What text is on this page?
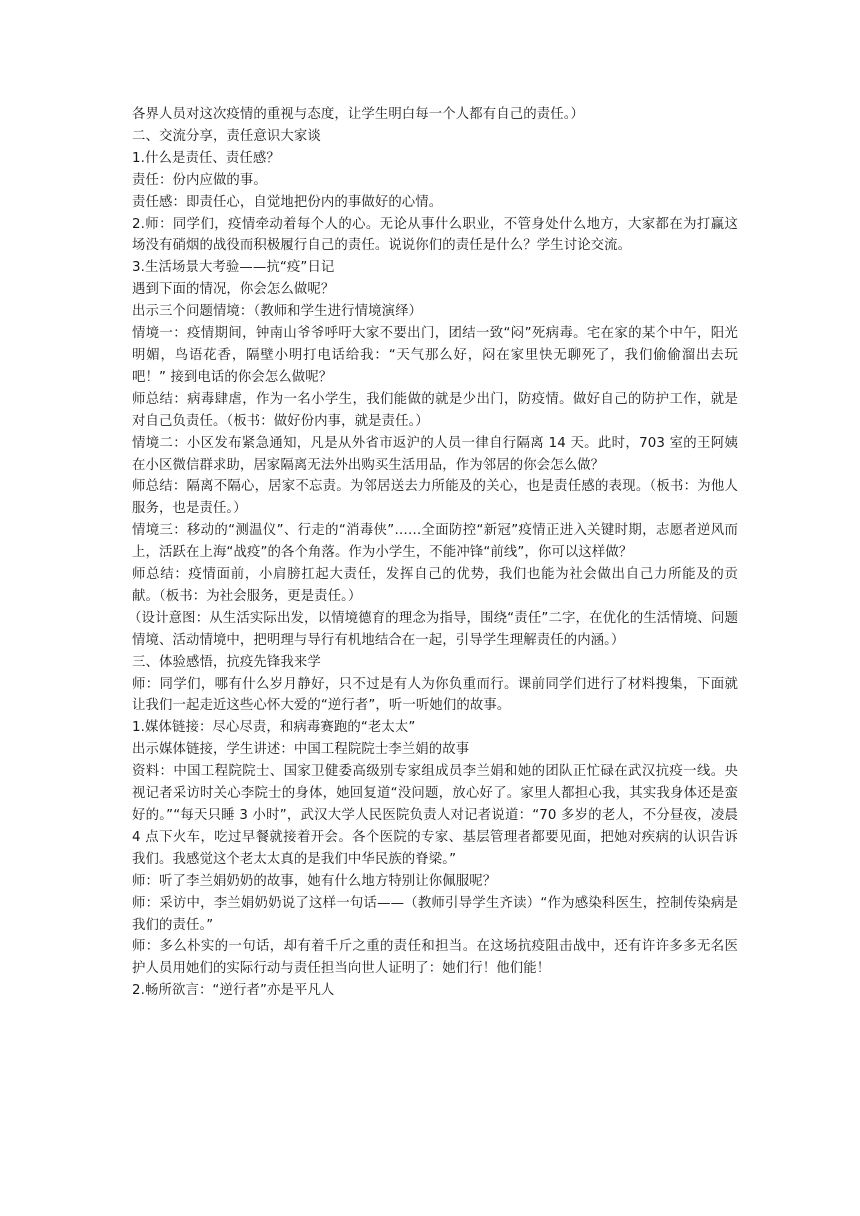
各界人员对这次疫情的重视与态度，让学生明白每一个人都有自己的责任。）

二、交流分享，责任意识大家谈

1.什么是责任、责任感？

责任：份内应做的事。

责任感：即责任心，自觉地把份内的事做好的心情。

2.师：同学们，疫情牵动着每个人的心。无论从事什么职业，不管身处什么地方，大家都在为打赢这场没有硝烟的战役而积极履行自己的责任。说说你们的责任是什么？学生讨论交流。

3.生活场景大考验——抗“疫”日记

遇到下面的情况，你会怎么做呢？

出示三个问题情境：（教师和学生进行情境演绎）

情境一：疫情期间，钟南山爷爷呼吁大家不要出门，团结一致“闷”死病毒。宅在家的某个中午，阳光明媚，鸟语花香，隔壁小明打电话给我：“天气那么好，闷在家里快无聊死了，我们偷偷溜出去玩吧！” 接到电话的你会怎么做呢？

师总结：病毒肆虐，作为一名小学生，我们能做的就是少出门，防疫情。做好自己的防护工作，就是对自己负责任。（板书：做好份内事，就是责任。）

情境二：小区发布紧急通知，凡是从外省市返沪的人员一律自行隔离 14 天。此时，703 室的王阿姨在小区微信群求助，居家隔离无法外出购买生活用品，作为邻居的你会怎么做？

师总结：隔离不隔心，居家不忘责。为邻居送去力所能及的关心，也是责任感的表现。（板书：为他人服务，也是责任。）

情境三：移动的“测温仪”、行走的“消毒侠”……全面防控“新冠”疫情正进入关键时期，志愿者逆风而上，活跃在上海“战疫”的各个角落。作为小学生，不能冲锋“前线”，你可以这样做？

师总结：疫情面前，小肩膀扛起大责任，发挥自己的优势，我们也能为社会做出自己力所能及的贡献。（板书：为社会服务，更是责任。）

（设计意图：从生活实际出发，以情境德育的理念为指导，围绕“责任”二字，在优化的生活情境、问题情境、活动情境中，把明理与导行有机地结合在一起，引导学生理解责任的内涵。）

三、体验感悟，抗疫先锋我来学

师：同学们，哪有什么岁月静好，只不过是有人为你负重而行。课前同学们进行了材料搜集，下面就让我们一起走近这些心怀大爱的“逆行者”，听一听她们的故事。

1.媒体链接：尽心尽责，和病毒赛跑的“老太太”

出示媒体链接，学生讲述：中国工程院院士李兰娟的故事

资料：中国工程院院士、国家卫健委高级别专家组成员李兰娟和她的团队正忙碌在武汉抗疫一线。央视记者采访时关心李院士的身体，她回复道“没问题，放心好了。家里人都担心我，其实我身体还是蛮好的。”“每天只睡 3 小时”，武汉大学人民医院负责人对记者说道：“70 多岁的老人，不分昼夜，凌晨 4 点下火车，吃过早餐就接着开会。各个医院的专家、基层管理者都要见面，把她对疾病的认识告诉我们。我感觉这个老太太真的是我们中华民族的脊梁。”

师：听了李兰娟奶奶的故事，她有什么地方特别让你佩服呢？

师：采访中，李兰娟奶奶说了这样一句话——（教师引导学生齐读）“作为感染科医生，控制传染病是我们的责任。”

师：多么朴实的一句话，却有着千斤之重的责任和担当。在这场抗疫阻击战中，还有许许多多无名医护人员用她们的实际行动与责任担当向世人证明了：她们行！他们能！

2.畅所欲言：“逆行者”亦是平凡人
